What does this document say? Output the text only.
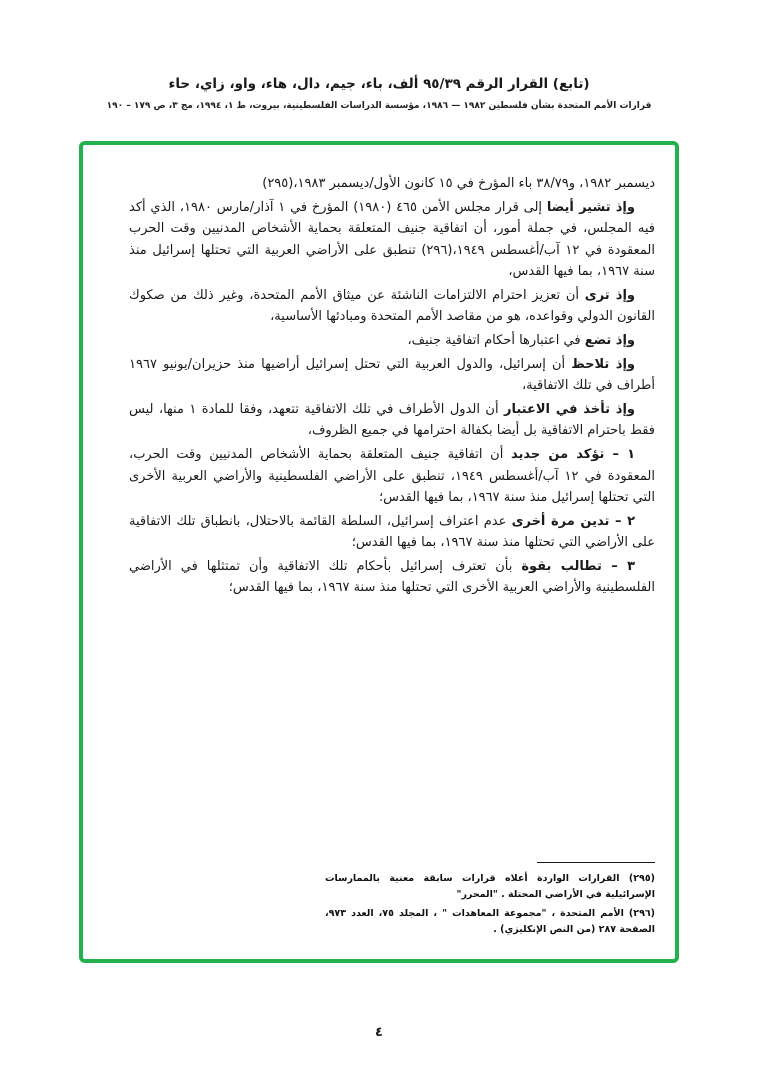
(تابع) القرار الرقم ٩٥/٣٩ ألف، باء، جيم، دال، هاء، واو، زاي، حاء
قرارات الأمم المتحدة بشأن فلسطين ١٩٨٢ — ١٩٨٦، مؤسسة الدراسات الفلسطينية، بيروت، ط ١، ١٩٩٤، مج ٣، ص ١٧٩ – ١٩٠

ديسمبر ١٩٨٢، و٣٨/٧٩ باء المؤرخ في ١٥ كانون الأول/ديسمبر ١٩٨٣،(٢٩٥)

وإذ تشير أيضا إلى قرار مجلس الأمن ٤٦٥ (١٩٨٠) المؤرخ في ١ آذار/مارس ١٩٨٠، الذي أكد فيه المجلس، في جملة أمور، أن اتفاقية جنيف المتعلقة بحماية الأشخاص المدنيين وقت الحرب المعقودة في ١٢ آب/أغسطس ١٩٤٩،(٢٩٦) تنطبق على الأراضي العربية التي تحتلها إسرائيل منذ سنة ١٩٦٧، بما فيها القدس،

وإذ ترى أن تعزيز احترام الالتزامات الناشئة عن ميثاق الأمم المتحدة، وغير ذلك من صكوك القانون الدولي وقواعده، هو من مقاصد الأمم المتحدة ومبادئها الأساسية،

وإذ تضع في اعتبارها أحكام اتفاقية جنيف،

وإذ تلاحظ أن إسرائيل، والدول العربية التي تحتل إسرائيل أراضيها منذ حزيران/يونيو ١٩٦٧ أطراف في تلك الاتفاقية،

وإذ تأخذ في الاعتبار أن الدول الأطراف في تلك الاتفاقية تتعهد، وفقا للمادة ١ منها، ليس فقط باحترام الاتفاقية بل أيضا بكفالة احترامها في جميع الظروف،

١ – تؤكد من جديد أن اتفاقية جنيف المتعلقة بحماية الأشخاص المدنيين وقت الحرب، المعقودة في ١٢ آب/أغسطس ١٩٤٩، تنطبق على الأراضي الفلسطينية والأراضي العربية الأخرى التي تحتلها إسرائيل منذ سنة ١٩٦٧، بما فيها القدس؛

٢ – تدين مرة أخرى عدم اعتراف إسرائيل، السلطة القائمة بالاحتلال، بانطباق تلك الاتفاقية على الأراضي التي تحتلها منذ سنة ١٩٦٧، بما فيها القدس؛

٣ – تطالب بقوة بأن تعترف إسرائيل بأحكام تلك الاتفاقية وأن تمتثلها في الأراضي الفلسطينية والأراضي العربية الأخرى التي تحتلها منذ سنة ١٩٦٧، بما فيها القدس؛

(٢٩٥) القرارات الواردة أعلاه قرارات سابقة معنية بالممارسات الإسرائيلية في الأراضي المحتلة . "المحرر"

(٢٩٦) الأمم المتحدة ، "مجموعة المعاهدات " ، المجلد ٧٥، العدد ٩٧٣، الصفحة ٢٨٧ (من النص الإنكليزي) .

٤
